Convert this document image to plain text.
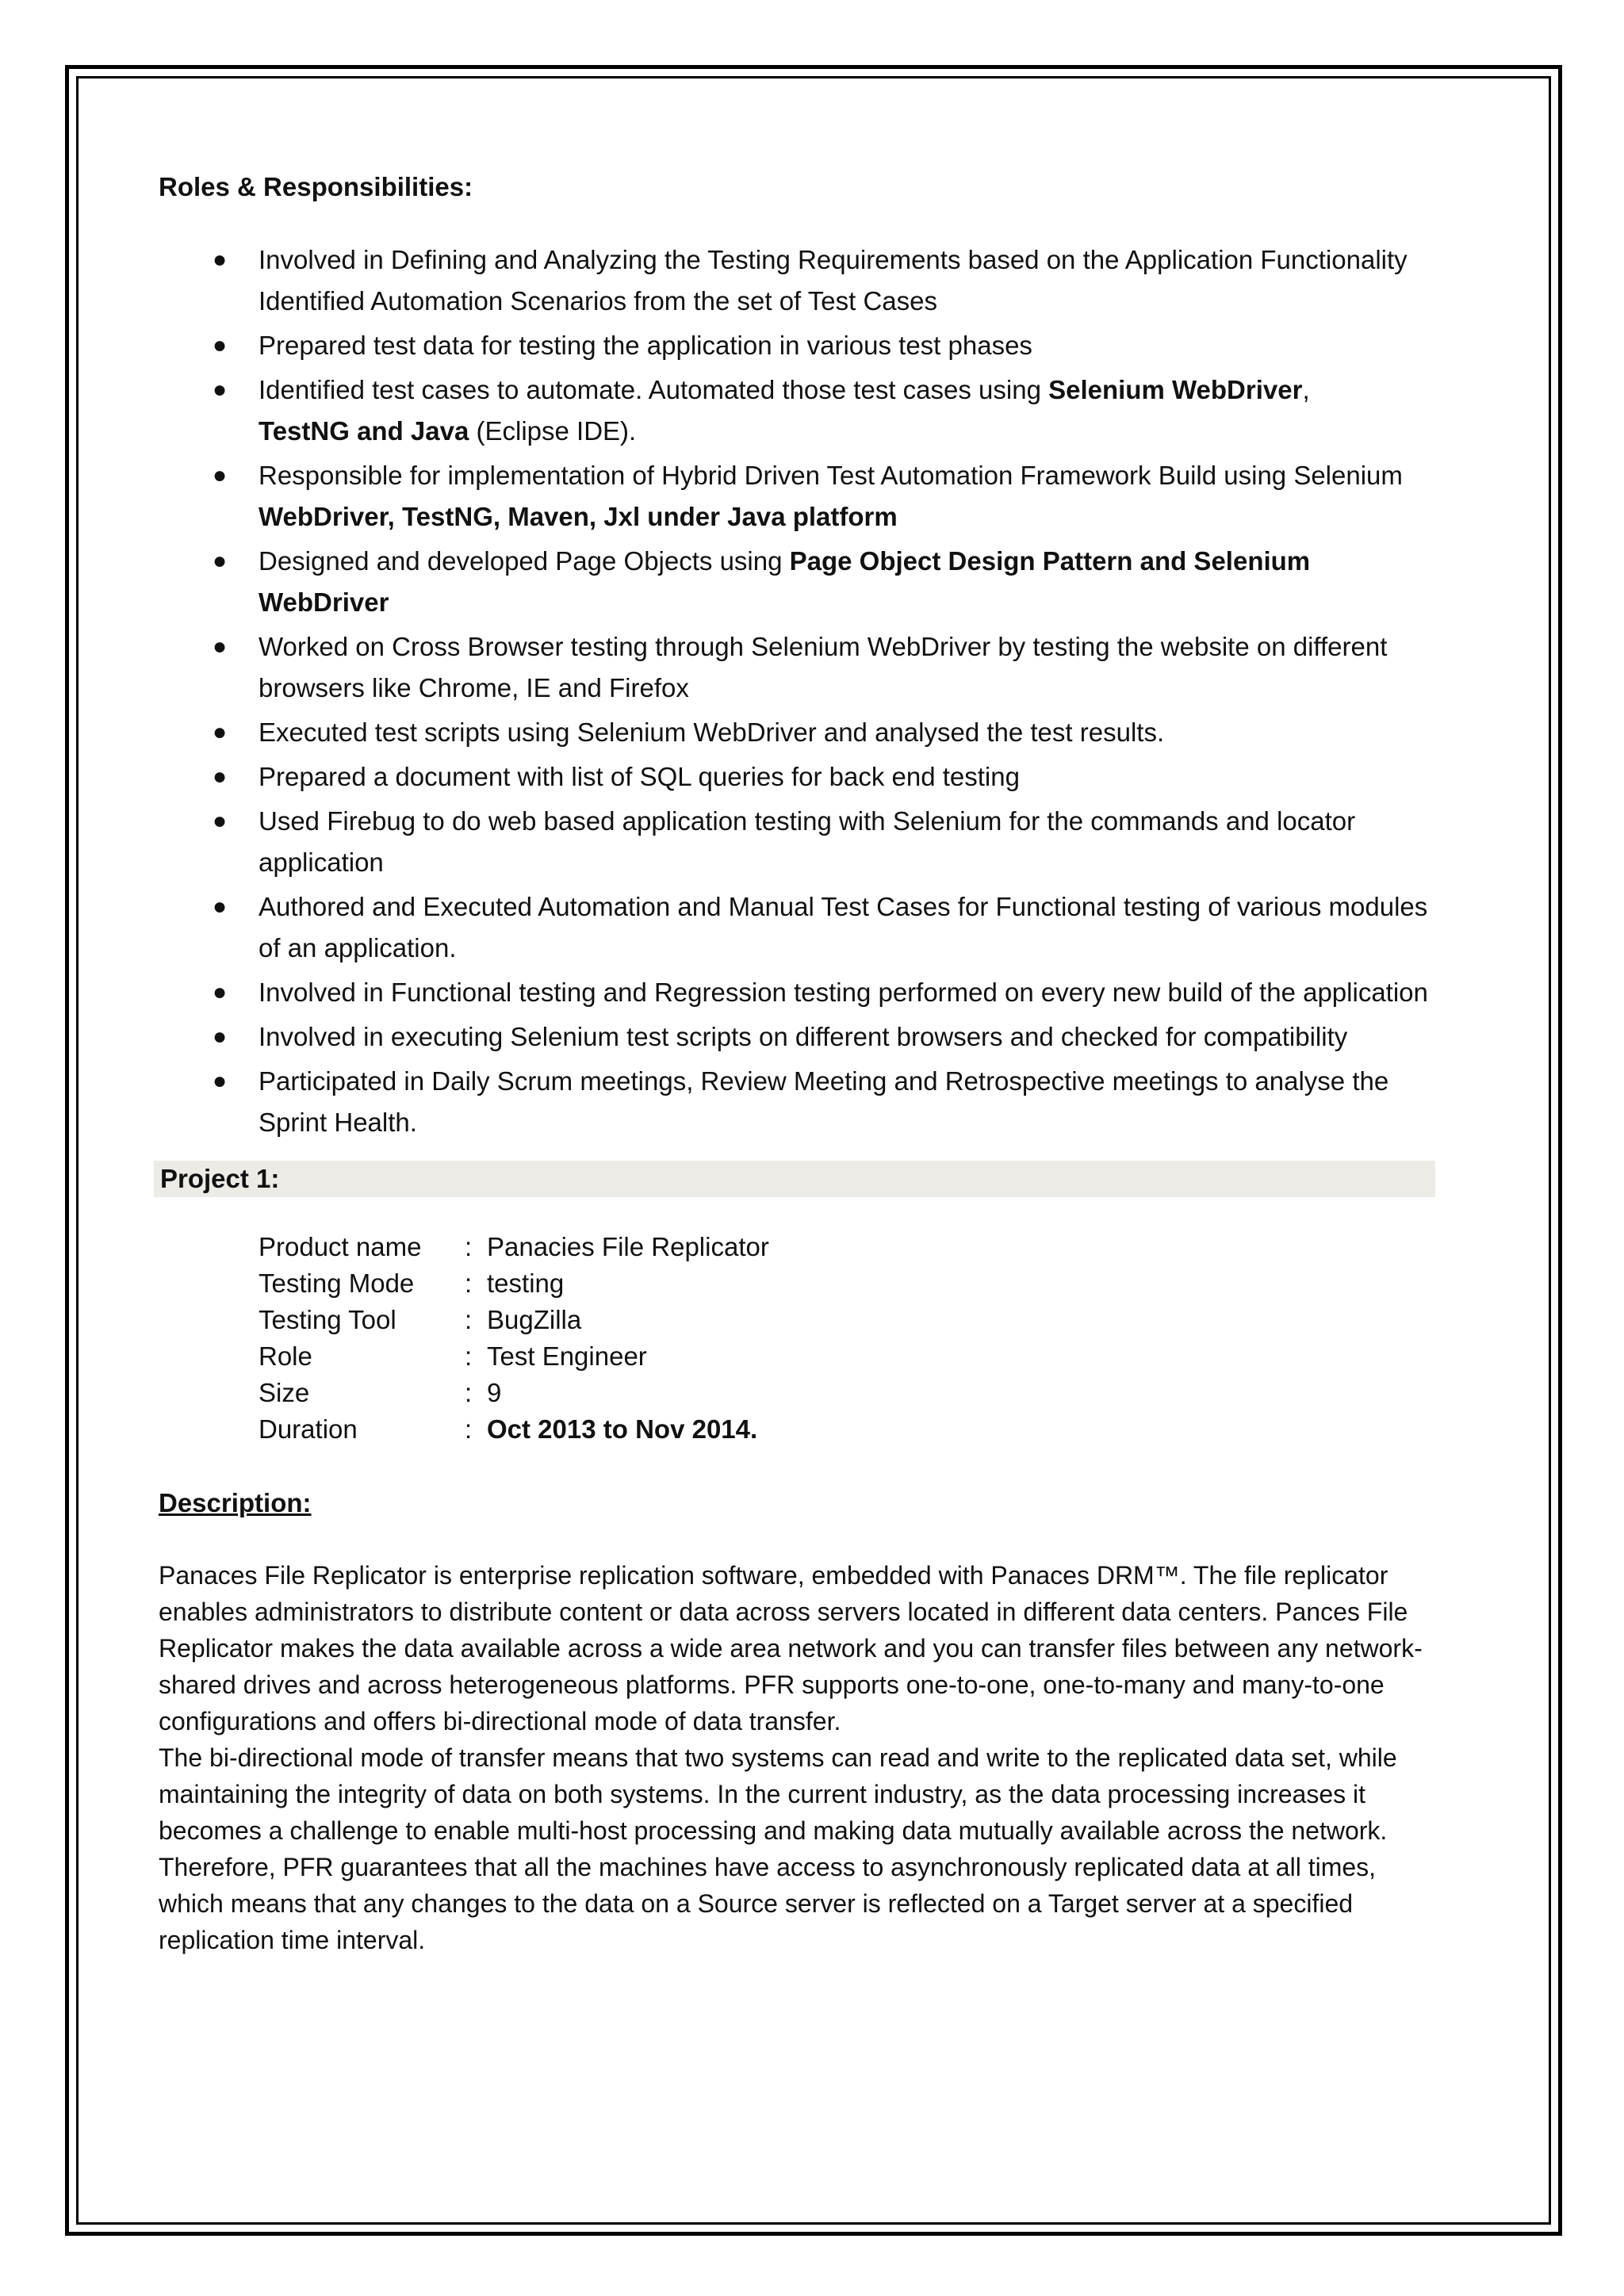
Roles & Responsibilities:

● Involved in Defining and Analyzing the Testing Requirements based on the Application Functionality Identified Automation Scenarios from the set of Test Cases
● Prepared test data for testing the application in various test phases
● Identified test cases to automate. Automated those test cases using Selenium WebDriver,
TestNG and Java (Eclipse IDE).
● Responsible for implementation of Hybrid Driven Test Automation Framework Build using Selenium WebDriver, TestNG, Maven, Jxl under Java platform
● Designed and developed Page Objects using Page Object Design Pattern and Selenium WebDriver
● Worked on Cross Browser testing through Selenium WebDriver by testing the website on different browsers like Chrome, IE and Firefox
● Executed test scripts using Selenium WebDriver and analysed the test results.
● Prepared a document with list of SQL queries for back end testing
● Used Firebug to do web based application testing with Selenium for the commands and locator application
● Authored and Executed Automation and Manual Test Cases for Functional testing of various modules of an application.
● Involved in Functional testing and Regression testing performed on every new build of the application
● Involved in executing Selenium test scripts on different browsers and checked for compatibility
● Participated in Daily Scrum meetings, Review Meeting and Retrospective meetings to analyse the Sprint Health.
Project 1:
Product name	: Panacies File Replicator
Testing Mode	: testing
Testing Tool	: BugZilla
Role	: Test Engineer
Size	: 9
Duration	: Oct 2013 to Nov 2014.

Description:

Panaces File Replicator is enterprise replication software, embedded with Panaces DRM™. The file replicator enables administrators to distribute content or data across servers located in different data centers. Pances File Replicator makes the data available across a wide area network and you can transfer files between any network-shared drives and across heterogeneous platforms. PFR supports one-to-one, one-to-many and many-to-one configurations and offers bi-directional mode of data transfer.

The bi-directional mode of transfer means that two systems can read and write to the replicated data set, while maintaining the integrity of data on both systems. In the current industry, as the data processing increases it becomes a challenge to enable multi-host processing and making data mutually available across the network. Therefore, PFR guarantees that all the machines have access to asynchronously replicated data at all times, which means that any changes to the data on a Source server is reflected on a Target server at a specified replication time interval.
